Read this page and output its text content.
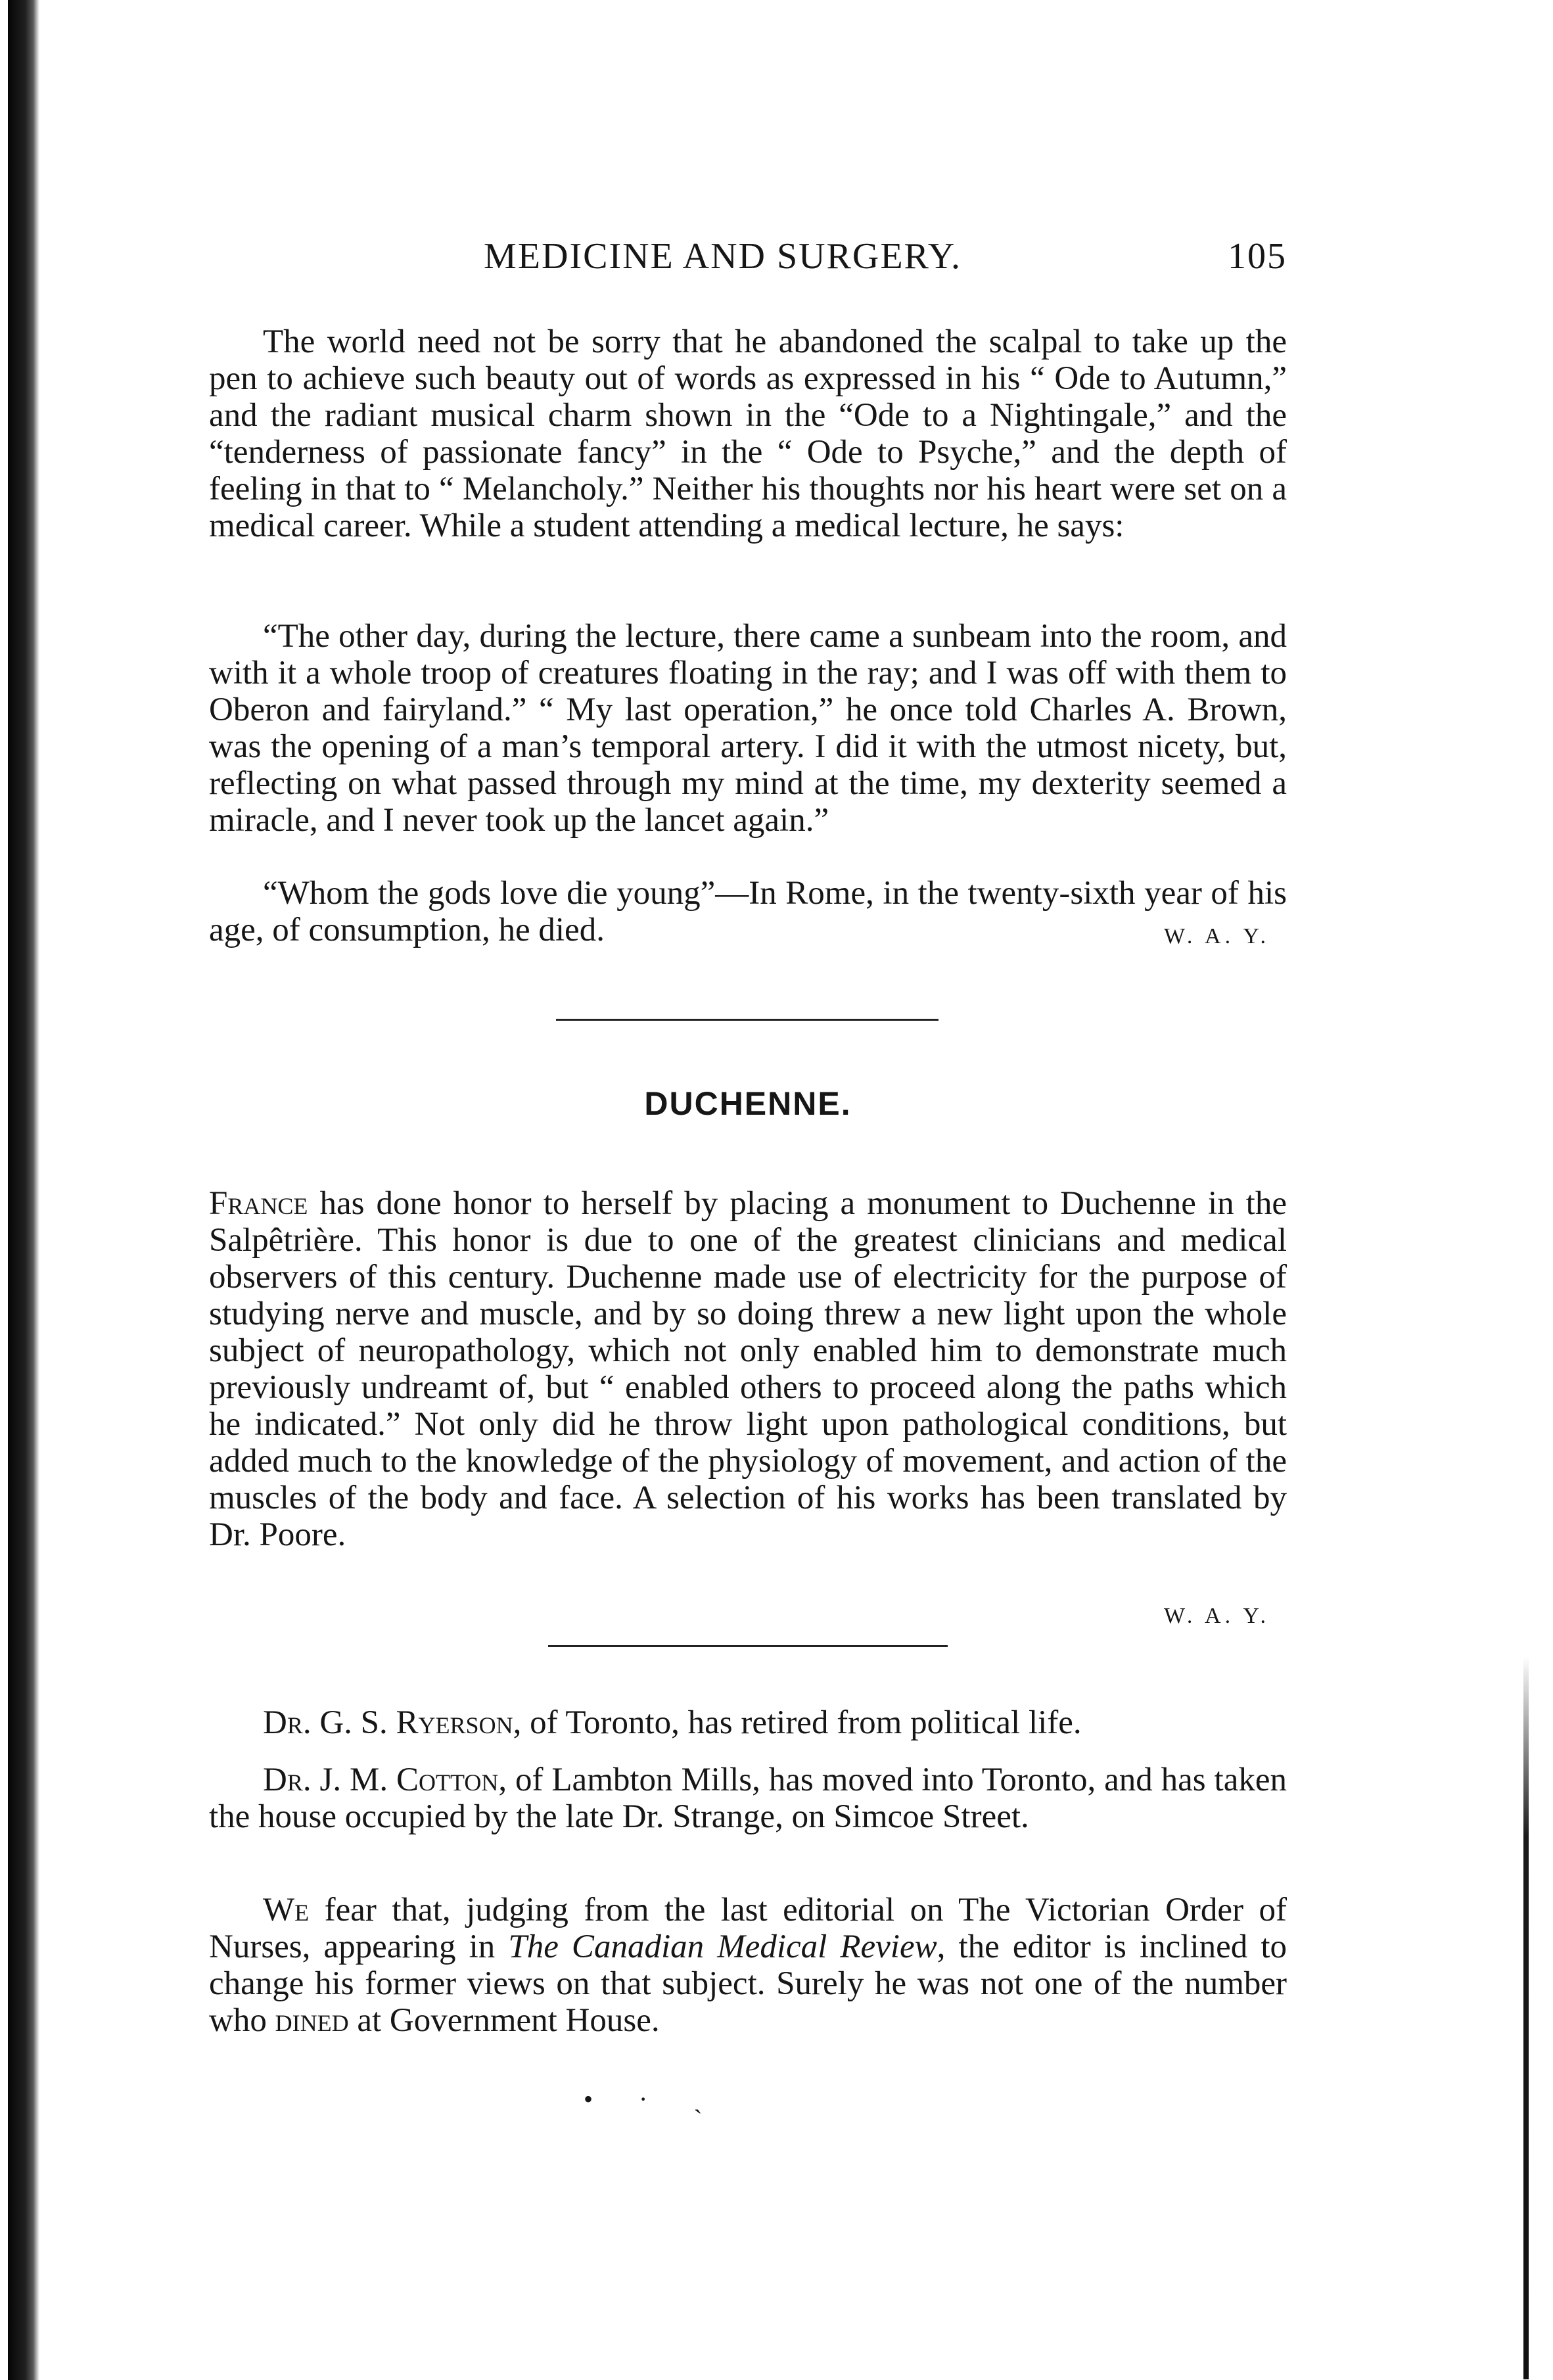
MEDICINE AND SURGERY.	105

The world need not be sorry that he abandoned the scalpal to take up the pen to achieve such beauty out of words as expressed in his “ Ode to Autumn,” and the radiant musical charm shown in the “Ode to a Nightingale,” and the “tenderness of passionate fancy” in the “ Ode to Psyche,” and the depth of feeling in that to “ Melancholy.” Neither his thoughts nor his heart were set on a medical career. While a student attending a medical lecture, he says:

“The other day, during the lecture, there came a sunbeam into the room, and with it a whole troop of creatures floating in the ray; and I was off with them to Oberon and fairyland.” “ My last operation,” he once told Charles A. Brown, was the opening of a man’s temporal artery. I did it with the utmost nicety, but, reflecting on what passed through my mind at the time, my dexterity seemed a miracle, and I never took up the lancet again.”

“Whom the gods love die young”—In Rome, in the twenty-sixth year of his age, of consumption, he died.	W. A. Y.
DUCHENNE.

France has done honor to herself by placing a monument to Duchenne in the Salpêtrière. This honor is due to one of the greatest clinicians and medical observers of this century. Duchenne made use of electricity for the purpose of studying nerve and muscle, and by so doing threw a new light upon the whole subject of neuropathology, which not only enabled him to demonstrate much previously undreamt of, but “ enabled others to proceed along the paths which he indicated.” Not only did he throw light upon pathological conditions, but added much to the knowledge of the physiology of movement, and action of the muscles of the body and face. A selection of his works has been translated by Dr. Poore.

W. A. Y.

Dr. G. S. Ryerson, of Toronto, has retired from political life.

Dr. J. M. Cotton, of Lambton Mills, has moved into Toronto, and has taken the house occupied by the late Dr. Strange, on Simcoe Street.

We fear that, judging from the last editorial on The Victorian Order of Nurses, appearing in The Canadian Medical Review, the editor is inclined to change his former views on that subject. Surely he was not one of the number who dined at Government House.

• · ˎ
